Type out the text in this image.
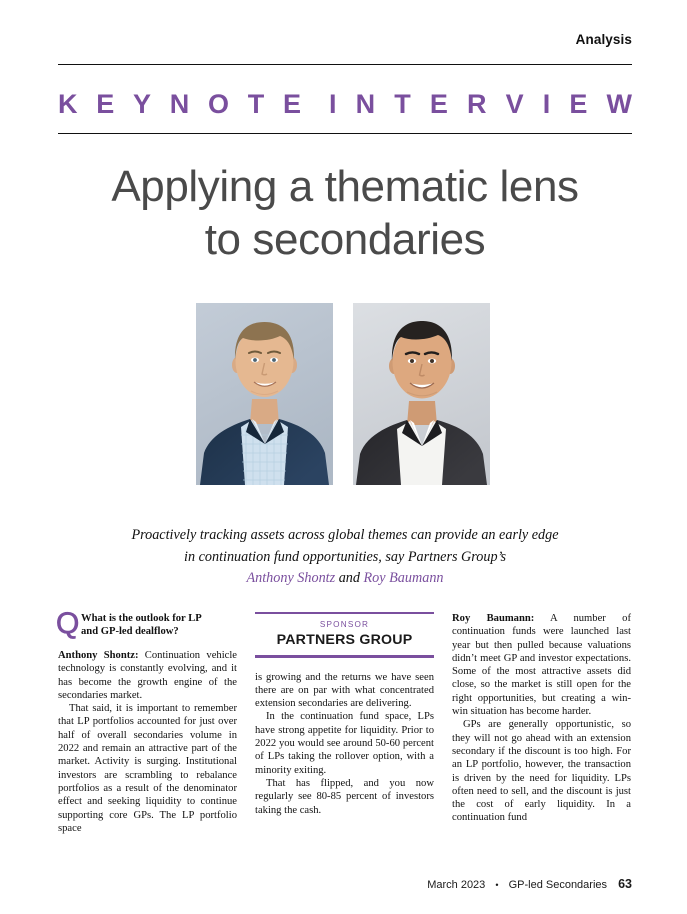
Analysis
K E Y N O T E I N T E R V I E W
Applying a thematic lens
to secondaries
Proactively tracking assets across global themes can provide an early edge
in continuation fund opportunities, say Partners Group’s
Anthony Shontz and Roy Baumann
Q What is the outlook for LP

and GP-led dealflow?

Anthony Shontz: Continuation vehicle technology is constantly evolving, and it has become the growth engine of the secondaries market.

That said, it is important to remember that LP portfolios accounted for just over half of overall secondaries volume in 2022 and remain an attractive part of the market. Activity is surging. Institutional investors are scrambling to rebalance portfolios as a result of the denominator effect and seeking liquidity to continue supporting core GPs. The LP portfolio space

SPONSOR
PARTNERS GROUP

is growing and the returns we have seen there are on par with what concentrated extension secondaries are delivering.

In the continuation fund space, LPs have strong appetite for liquidity. Prior to 2022 you would see around 50-60 percent of LPs taking the rollover option, with a minority exiting.

That has flipped, and you now regularly see 80-85 percent of investors taking the cash.

Roy Baumann: A number of continuation funds were launched last year but then pulled because valuations didn’t meet GP and investor expectations. Some of the most attractive assets did close, so the market is still open for the right opportunities, but creating a win-win situation has become harder.

GPs are generally opportunistic, so they will not go ahead with an extension secondary if the discount is too high. For an LP portfolio, however, the transaction is driven by the need for liquidity. LPs often need to sell, and the discount is just the cost of early liquidity. In a continuation fund

March 2023 • GP-led Secondaries 63
